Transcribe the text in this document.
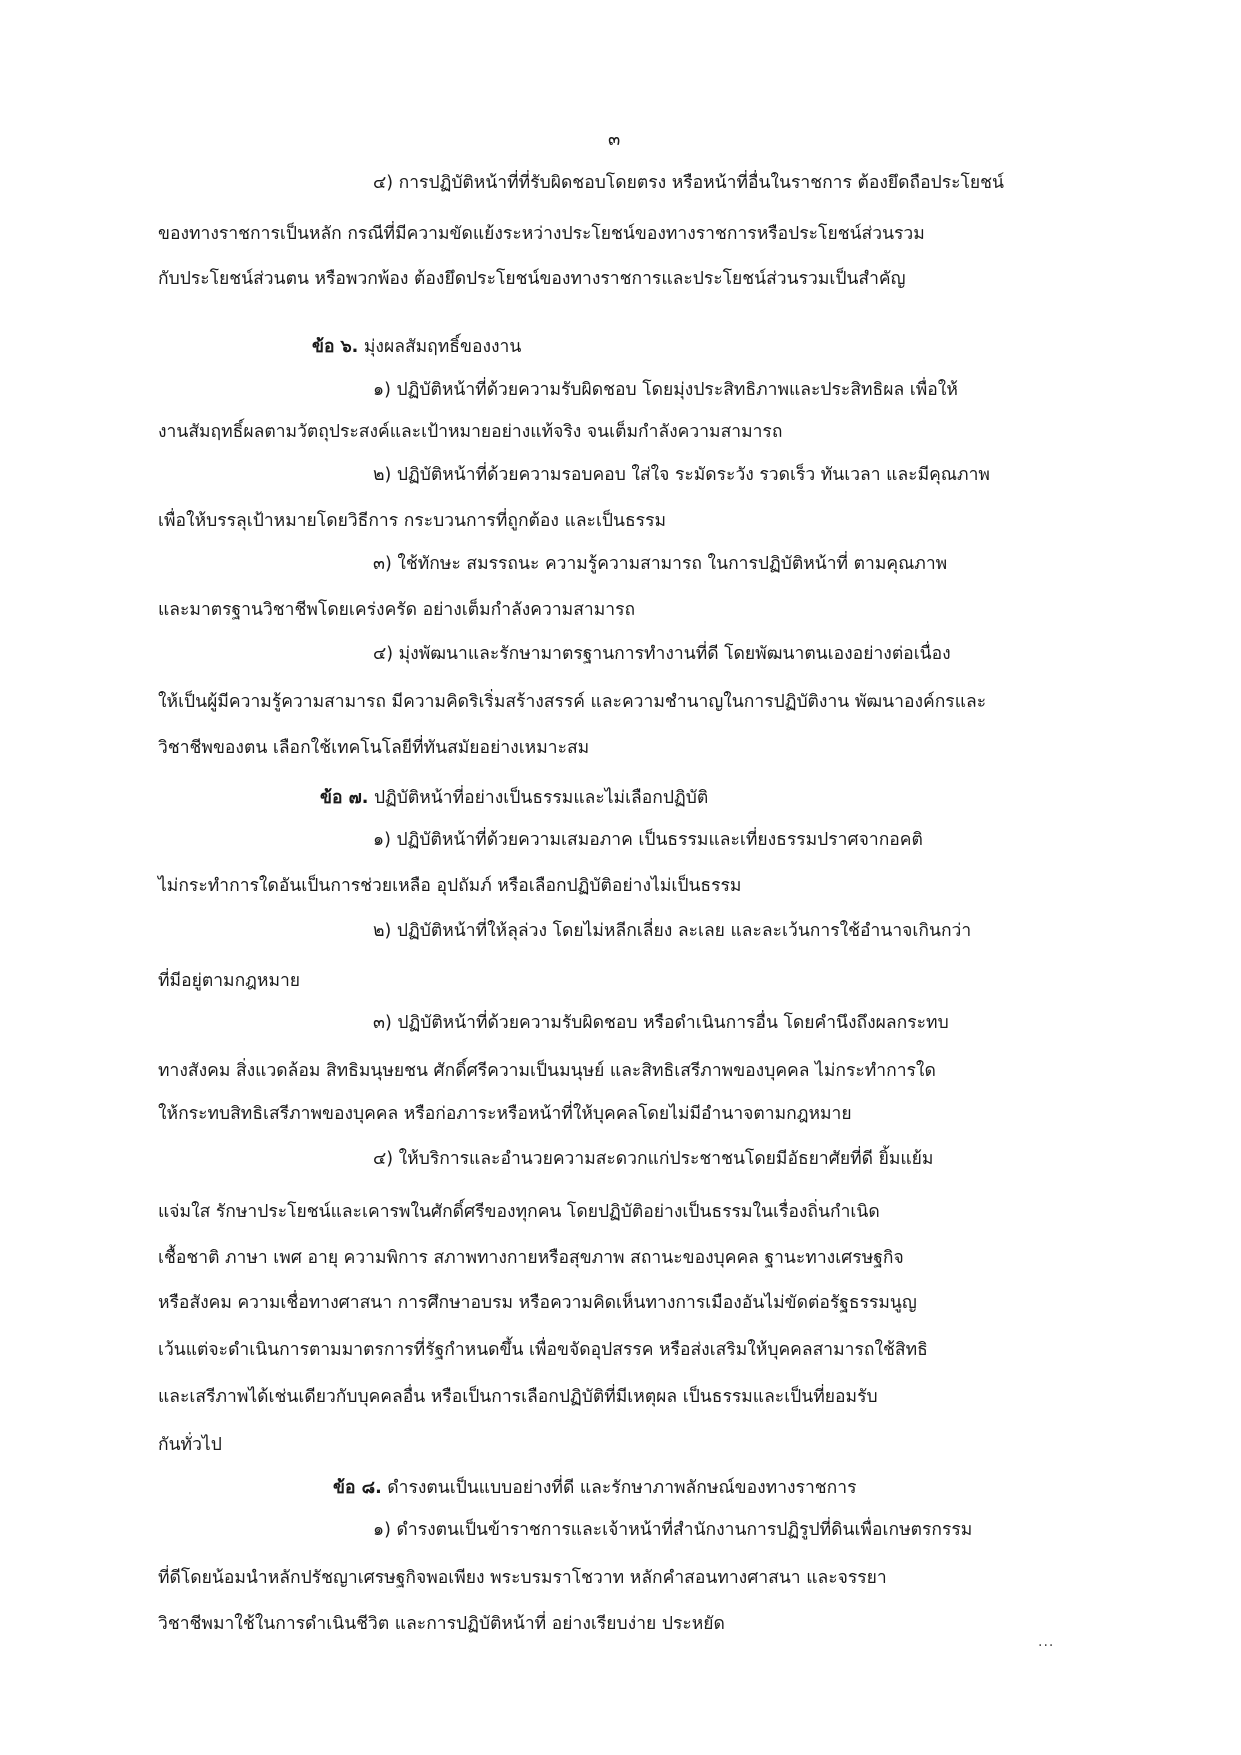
๓
๔) การปฏิบัติหน้าที่ที่รับผิดชอบโดยตรง หรือหน้าที่อื่นในราชการ ต้องยึดถือประโยชน์
ของทางราชการเป็นหลัก กรณีที่มีความขัดแย้งระหว่างประโยชน์ของทางราชการหรือประโยชน์ส่วนรวม
กับประโยชน์ส่วนตน หรือพวกพ้อง ต้องยึดประโยชน์ของทางราชการและประโยชน์ส่วนรวมเป็นสำคัญ
ข้อ ๖. มุ่งผลสัมฤทธิ์ของงาน
๑) ปฏิบัติหน้าที่ด้วยความรับผิดชอบ โดยมุ่งประสิทธิภาพและประสิทธิผล เพื่อให้
งานสัมฤทธิ์ผลตามวัตถุประสงค์และเป้าหมายอย่างแท้จริง จนเต็มกำลังความสามารถ
๒) ปฏิบัติหน้าที่ด้วยความรอบคอบ ใส่ใจ ระมัดระวัง รวดเร็ว ทันเวลา และมีคุณภาพ
เพื่อให้บรรลุเป้าหมายโดยวิธีการ กระบวนการที่ถูกต้อง และเป็นธรรม
๓) ใช้ทักษะ สมรรถนะ ความรู้ความสามารถ ในการปฏิบัติหน้าที่ ตามคุณภาพ
และมาตรฐานวิชาชีพโดยเคร่งครัด อย่างเต็มกำลังความสามารถ
๔) มุ่งพัฒนาและรักษามาตรฐานการทำงานที่ดี โดยพัฒนาตนเองอย่างต่อเนื่อง
ให้เป็นผู้มีความรู้ความสามารถ มีความคิดริเริ่มสร้างสรรค์ และความชำนาญในการปฏิบัติงาน พัฒนาองค์กรและ
วิชาชีพของตน เลือกใช้เทคโนโลยีที่ทันสมัยอย่างเหมาะสม
ข้อ ๗. ปฏิบัติหน้าที่อย่างเป็นธรรมและไม่เลือกปฏิบัติ
๑) ปฏิบัติหน้าที่ด้วยความเสมอภาค เป็นธรรมและเที่ยงธรรมปราศจากอคติ
ไม่กระทำการใดอันเป็นการช่วยเหลือ อุปถัมภ์ หรือเลือกปฏิบัติอย่างไม่เป็นธรรม
๒) ปฏิบัติหน้าที่ให้ลุล่วง โดยไม่หลีกเลี่ยง ละเลย และละเว้นการใช้อำนาจเกินกว่า
ที่มีอยู่ตามกฎหมาย
๓) ปฏิบัติหน้าที่ด้วยความรับผิดชอบ หรือดำเนินการอื่น โดยคำนึงถึงผลกระทบ
ทางสังคม สิ่งแวดล้อม สิทธิมนุษยชน ศักดิ์ศรีความเป็นมนุษย์ และสิทธิเสรีภาพของบุคคล ไม่กระทำการใด
ให้กระทบสิทธิเสรีภาพของบุคคล หรือก่อภาระหรือหน้าที่ให้บุคคลโดยไม่มีอำนาจตามกฎหมาย
๔) ให้บริการและอำนวยความสะดวกแก่ประชาชนโดยมีอัธยาศัยที่ดี ยิ้มแย้ม
แจ่มใส รักษาประโยชน์และเคารพในศักดิ์ศรีของทุกคน โดยปฏิบัติอย่างเป็นธรรมในเรื่องถิ่นกำเนิด
เชื้อชาติ ภาษา เพศ อายุ ความพิการ สภาพทางกายหรือสุขภาพ สถานะของบุคคล ฐานะทางเศรษฐกิจ
หรือสังคม ความเชื่อทางศาสนา การศึกษาอบรม หรือความคิดเห็นทางการเมืองอันไม่ขัดต่อรัฐธรรมนูญ
เว้นแต่จะดำเนินการตามมาตรการที่รัฐกำหนดขึ้น เพื่อขจัดอุปสรรค หรือส่งเสริมให้บุคคลสามารถใช้สิทธิ
และเสรีภาพได้เช่นเดียวกับบุคคลอื่น หรือเป็นการเลือกปฏิบัติที่มีเหตุผล เป็นธรรมและเป็นที่ยอมรับ
กันทั่วไป
ข้อ ๘. ดำรงตนเป็นแบบอย่างที่ดี และรักษาภาพลักษณ์ของทางราชการ
๑) ดำรงตนเป็นข้าราชการและเจ้าหน้าที่สำนักงานการปฏิรูปที่ดินเพื่อเกษตรกรรม
ที่ดีโดยน้อมนำหลักปรัชญาเศรษฐกิจพอเพียง พระบรมราโชวาท หลักคำสอนทางศาสนา และจรรยา
วิชาชีพมาใช้ในการดำเนินชีวิต และการปฏิบัติหน้าที่ อย่างเรียบง่าย ประหยัด
...
